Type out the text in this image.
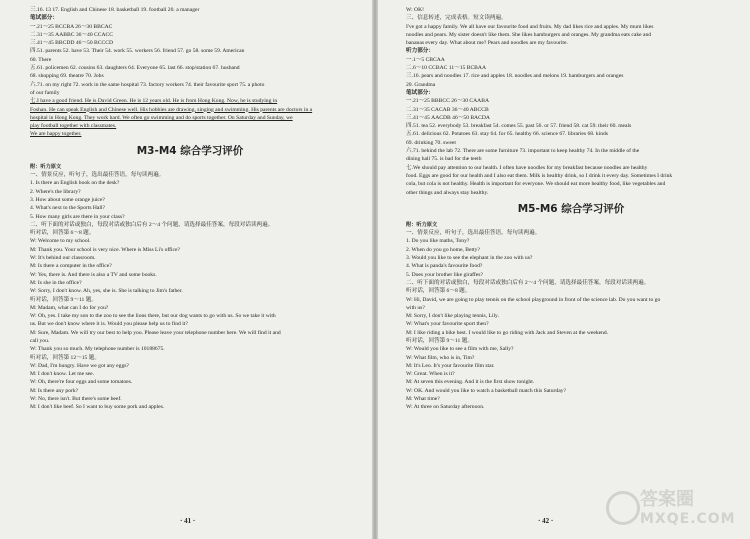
三.16. 13 17. English and Chinese 18. basketball 19. football 20. a manager
笔试部分：
一.21～25 BCCBA 26～30 BBCAC
二.31～35 AABBC 36～40 CCACC
三.41～45 BBCDD 46～50 BCCCD
四.51. parents 52. have 53. Their 54. work 55. workers 56. friend 57. go 58. some 59. American
60. There
五.61. policemen 62. cousins 63. daughters 64. Everyone 65. last 66. stop/station 67. husband
68. shopping 69. theatre 70. Jobs
六.71. on my right 72. work in the same hospital 73. factory workers 74. their favourite sport 75. a photo
of our family
七.I have a good friend. He is David Green. He is 12 years old. He is from Hong Kong. Now, he is studying in
Foshan. He can speak English and Chinese well. His hobbies are drawing, singing and swimming. His parents are doctors in a
hospital in Hong Kong. They work hard. We often go swimming and do sports together. On Saturday and Sunday, we
play football together with classmates.
We are happy together.
M3-M4 综合学习评价
附：听力原文
一、情景反应，听句子，选出最佳答语，每句读两遍。
1. Is there an English book on the desk?
2. Where's the library?
3. How about some orange juice?
4. What's next to the Sports Hall?
5. How many girls are there in your class?
二、听下面的对话或独白，每段对话或独白后有 2～4 个问题，请选择最佳答案，每段对话读两遍。
听对话，回答第 6～8 题。
W: Welcome to my school.
M: Thank you. Your school is very nice. Where is Miss Li's office?
W: It's behind our classroom.
M: Is there a computer in the office?
W: Yes, there is. And there is also a TV and some books.
M: Is she in the office?
W: Sorry, I don't know. Ah, yes, she is. She is talking to Jim's father.
听对话，回答第 9～11 题。
M: Madam, what can I do for you?
W: Oh, yes. I take my son to the zoo to see the lions there, but our dog wants to go with us. So we take it with
us. But we don't know where it is. Would you please help us to find it?
M: Sure, Madam. We will try our best to help you. Please leave your telephone number here. We will find it and
call you.
W: Thank you so much. My telephone number is 10188675.
听对话，回答第 12～15 题。
W: Dad, I'm hungry. Have we got any eggs?
M: I don't know. Let me see.
W: Oh, there're four eggs and some tomatoes.
M: Is there any pork?
W: No, there isn't. But there's some beef.
M: I don't like beef. So I want to buy some pork and apples.
· 41 ·
W: OK!
三、信息转述，完成表格。短文读两遍。
I've got a happy family. We all have our favourite food and fruits. My dad likes rice and apples. My mum likes
noodles and pears. My sister doesn't like them. She likes hamburgers and oranges. My grandma eats cake and
bananas every day. What about me? Pears and noodles are my favourite.
听力部分：
一.1～5 CBCAA
二.6～10 CCBAC 11～15 BCBAA
三.16. pears and noodles 17. rice and apples 18. noodles and melons 19. hamburgers and oranges
20. Grandma
笔试部分：
一.21～25 BBBCC 26～30 CAABA
二.31～35 CACAB 36～40 ABCCB
三.41～45 AACDB 46～50 BACDA
四.51. tea 52. everybody 53. breakfast 54. comes 55. past 56. or 57. friend 58. cat 59. their 60. meals
五.61. delicious 62. Potatoes 63. stay 64. for 65. healthy 66. science 67. libraries 68. kinds
69. drinking 70. sweet
六.71. behind the lab 72. There are some furniture 73. important to keep healthy 74. In the middle of the
dining hall 75. is bad for the teeth
七.We should pay attention to our health. I often have noodles for my breakfast because noodles are healthy
food. Eggs are good for our health and I also eat them. Milk is healthy drink, so I drink it every day. Sometimes I drink
cola, but cola is not healthy. Health is important for everyone. We should eat more healthy food, like vegetables and
other things and always stay healthy.
M5-M6 综合学习评价
附：听力原文
一、情景反应，听句子，选出最佳答语，每句读两遍。
1. Do you like maths, Tony?
2. When do you go home, Betty?
3. Would you like to see the elephant in the zoo with us?
4. What is panda's favourite food?
5. Does your brother like giraffes?
二、听下面的对话或独白，每段对话或独白后有 2～4 个问题，请选择最佳答案，每段对话读两遍。
听对话，回答第 6～8 题。
W: Hi, David, we are going to play tennis on the school playground in front of the science lab. Do you want to go
with us?
M: Sorry, I don't like playing tennis, Lily.
W: What's your favourite sport then?
M: I like riding a bike best. I would like to go riding with Jack and Steven at the weekend.
听对话，回答第 9～11 题。
W: Would you like to see a film with me, Sally?
W: What film, who is in, Tim?
M: It's Leo. It's your favourite film star.
W: Great. When is it?
M: At seven this evening. And it is the first show tonight.
W: OK. And would you like to watch a basketball match this Saturday?
M: What time?
W: At three on Saturday afternoon.
· 42 ·
答案圈
MXQE.COM
